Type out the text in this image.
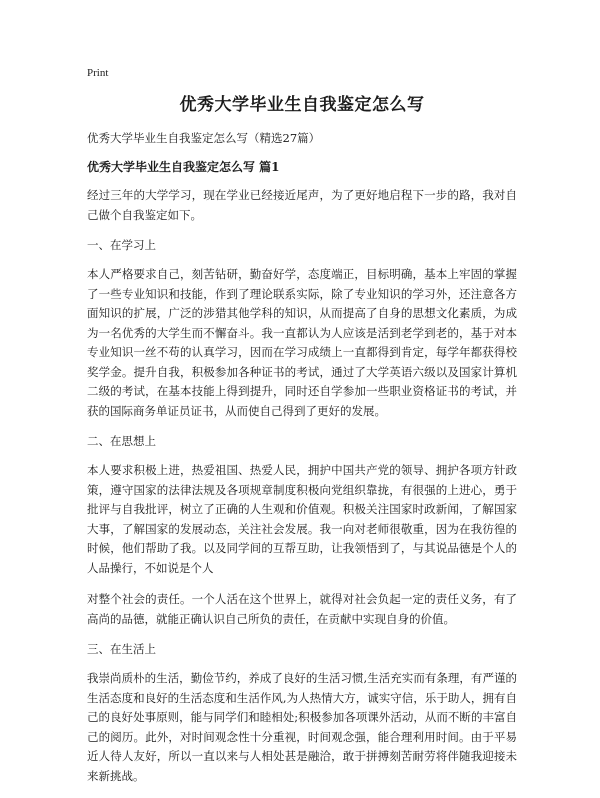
Print
优秀大学毕业生自我鉴定怎么写
优秀大学毕业生自我鉴定怎么写（精选27篇）
优秀大学毕业生自我鉴定怎么写 篇1

经过三年的大学学习，现在学业已经接近尾声，为了更好地启程下一步的路，我对自己做个自我鉴定如下。

一、在学习上

本人严格要求自己，刻苦钻研，勤奋好学，态度端正，目标明确，基本上牢固的掌握了一些专业知识和技能，作到了理论联系实际，除了专业知识的学习外，还注意各方面知识的扩展，广泛的涉猎其他学科的知识，从而提高了自身的思想文化素质，为成为一名优秀的大学生而不懈奋斗。我一直都认为人应该是活到老学到老的，基于对本专业知识一丝不苟的认真学习，因而在学习成绩上一直都得到肯定，每学年都获得校奖学金。提升自我，积极参加各种证书的考试，通过了大学英语六级以及国家计算机二级的考试，在基本技能上得到提升，同时还自学参加一些职业资格证书的考试，并获的国际商务单证员证书，从而使自己得到了更好的发展。

二、在思想上

本人要求积极上进，热爱祖国、热爱人民，拥护中国共产党的领导、拥护各项方针政策，遵守国家的法律法规及各项规章制度积极向党组织靠拢，有很强的上进心，勇于批评与自我批评，树立了正确的人生观和价值观。积极关注国家时政新闻，了解国家大事，了解国家的发展动态，关注社会发展。我一向对老师很敬重，因为在我彷徨的时候，他们帮助了我。以及同学间的互帮互助，让我领悟到了，与其说品德是个人的人品操行，不如说是个人

对整个社会的责任。一个人活在这个世界上，就得对社会负起一定的责任义务，有了高尚的品德，就能正确认识自己所负的责任，在贡献中实现自身的价值。

三、在生活上

我崇尚质朴的生活，勤俭节约，养成了良好的生活习惯,生活充实而有条理，有严谨的生活态度和良好的生活态度和生活作风,为人热情大方，诚实守信，乐于助人，拥有自己的良好处事原则，能与同学们和睦相处;积极参加各项课外活动，从而不断的丰富自己的阅历。此外，对时间观念性十分重视，时间观念强，能合理利用时间。由于平易近人待人友好，所以一直以来与人相处甚是融洽，敢于拼搏刻苦耐劳将伴随我迎接未来新挑战。
